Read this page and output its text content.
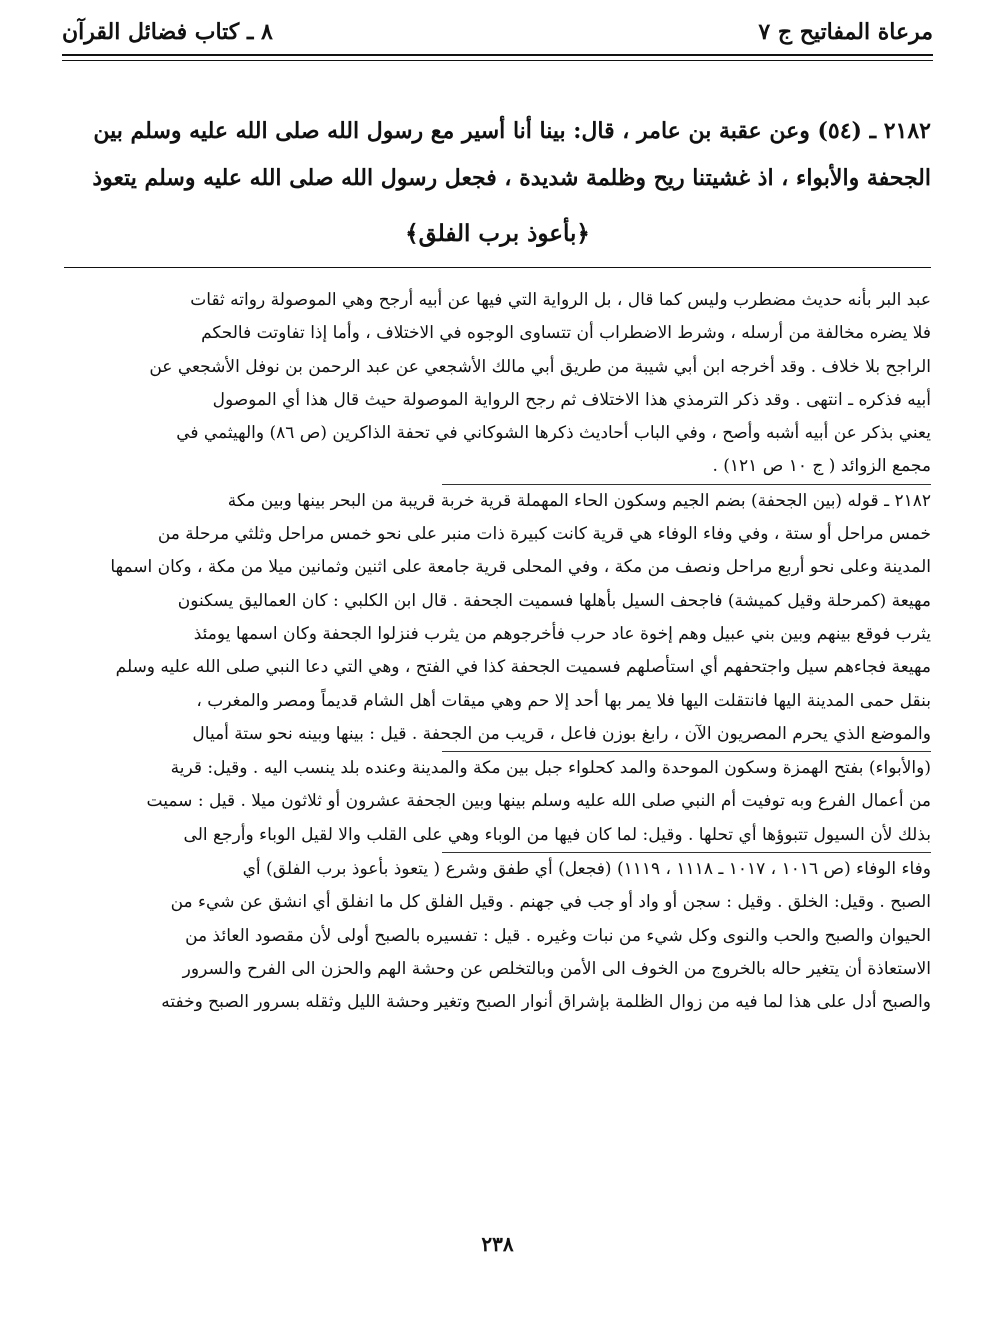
مرعاة المفاتيح ج ٧
٨ ـ كتاب فضائل القرآن
٢١٨٢ ـ (٥٤) وعن عقبة بن عامر ، قال: بينا أنا أسير مع رسول الله صلى الله عليه وسلم بين
الجحفة والأبواء ، اذ غشيتنا ريح وظلمة شديدة ، فجعل رسول الله صلى الله عليه وسلم يتعوذ
﴿بأعوذ برب الفلق﴾
عبد البر بأنه حديث مضطرب وليس كما قال ، بل الرواية التي فيها عن أبيه أرجح وهي الموصولة رواته ثقات
فلا يضره مخالفة من أرسله ، وشرط الاضطراب أن تتساوى الوجوه في الاختلاف ، وأما إذا تفاوتت فالحكم
الراجح بلا خلاف . وقد أخرجه ابن أبي شيبة من طريق أبي مالك الأشجعي عن عبد الرحمن بن نوفل الأشجعي عن
أبيه فذكره ـ انتهى . وقد ذكر الترمذي هذا الاختلاف ثم رجح الرواية الموصولة حيث قال هذا أي الموصول
يعني بذكر عن أبيه أشبه وأصح ، وفي الباب أحاديث ذكرها الشوكاني في تحفة الذاكرين (ص ٨٦) والهيثمي في
مجمع الزوائد ( ج ١٠ ص ١٢١) .
٢١٨٢ ـ قوله (بين الجحفة) بضم الجيم وسكون الحاء المهملة قرية خربة قريبة من البحر بينها وبين مكة
خمس مراحل أو ستة ، وفي وفاء الوفاء هي قرية كانت كبيرة ذات منبر على نحو خمس مراحل وثلثي مرحلة من
المدينة وعلى نحو أربع مراحل ونصف من مكة ، وفي المحلى قرية جامعة على اثنين وثمانين ميلا من مكة ، وكان اسمها
مهيعة (كمرحلة وقيل كميشة) فاجحف السيل بأهلها فسميت الجحفة . قال ابن الكلبي : كان العماليق يسكنون
يثرب فوقع بينهم وبين بني عبيل وهم إخوة عاد حرب فأخرجوهم من يثرب فنزلوا الجحفة وكان اسمها يومئذ
مهيعة فجاءهم سيل واجتحفهم أي استأصلهم فسميت الجحفة كذا في الفتح ، وهي التي دعا النبي صلى الله عليه وسلم
بنقل حمى المدينة اليها فانتقلت اليها فلا يمر بها أحد إلا حم وهي ميقات أهل الشام قديماً ومصر والمغرب ،
والموضع الذي يحرم المصريون الآن ، رابغ بوزن فاعل ، قريب من الجحفة . قيل : بينها وبينه نحو ستة أميال
(والأبواء) بفتح الهمزة وسكون الموحدة والمد كحلواء جبل بين مكة والمدينة وعنده بلد ينسب اليه . وقيل: قرية
من أعمال الفرع وبه توفيت أم النبي صلى الله عليه وسلم بينها وبين الجحفة عشرون أو ثلاثون ميلا . قيل : سميت
بذلك لأن السيول تتبوؤها أي تحلها . وقيل: لما كان فيها من الوباء وهي على القلب والا لقيل الوباء وأرجع الى
وفاء الوفاء (ص ١٠١٦ ، ١٠١٧ ـ ١١١٨ ، ١١١٩) (فجعل) أي طفق وشرع ( يتعوذ بأعوذ برب الفلق) أي
الصبح . وقيل: الخلق . وقيل : سجن أو واد أو جب في جهنم . وقيل الفلق كل ما انفلق أي انشق عن شيء من
الحيوان والصبح والحب والنوى وكل شيء من نبات وغيره . قيل : تفسيره بالصبح أولى لأن مقصود العائذ من
الاستعاذة أن يتغير حاله بالخروج من الخوف الى الأمن وبالتخلص عن وحشة الهم والحزن الى الفرح والسرور
والصبح أدل على هذا لما فيه من زوال الظلمة بإشراق أنوار الصبح وتغير وحشة الليل وثقله بسرور الصبح وخفته
٢٣٨
